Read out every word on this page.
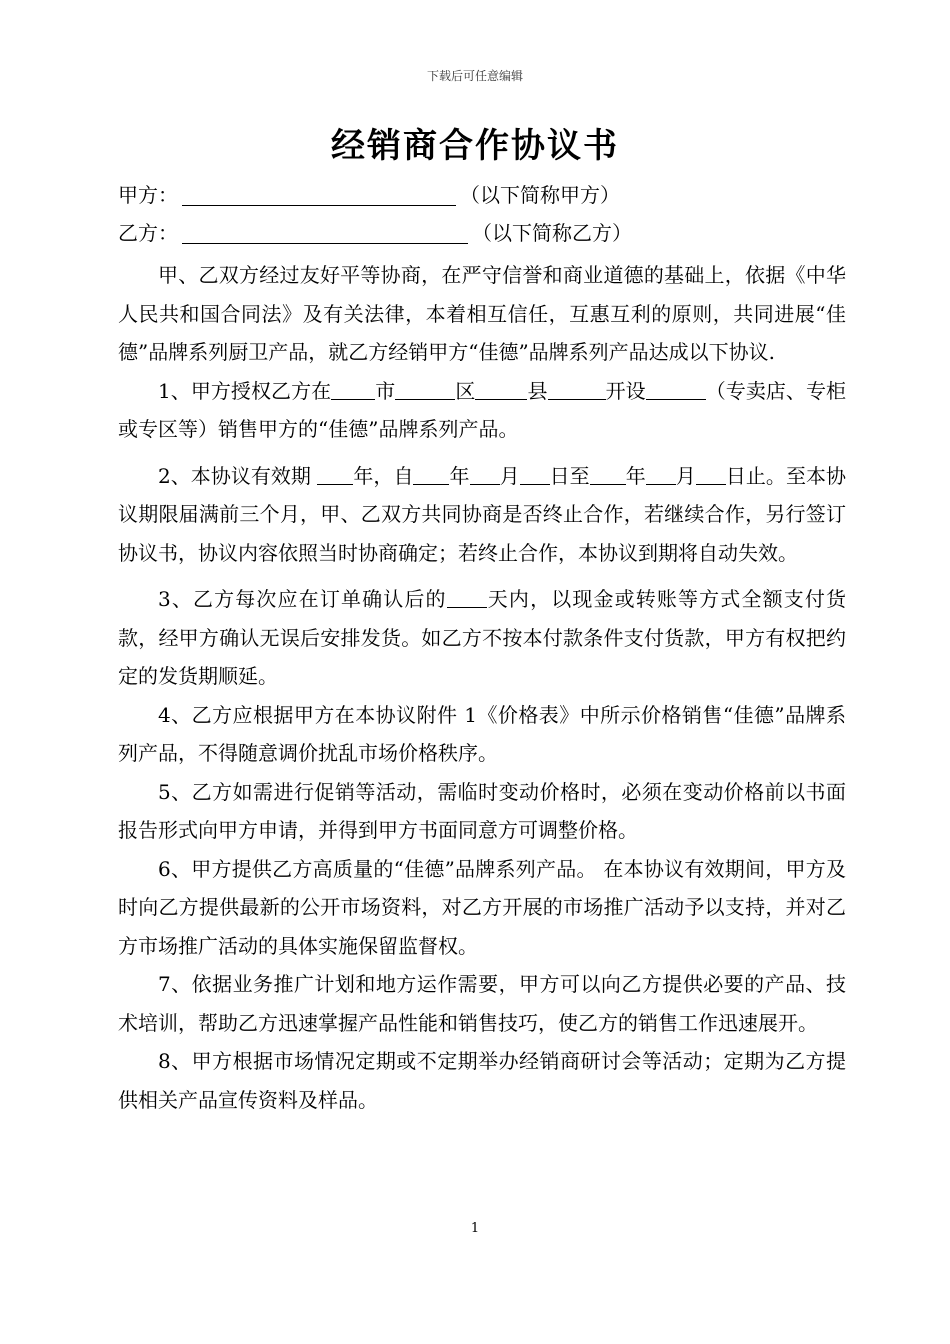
下载后可任意编辑
经销商合作协议书
甲方：	（以下简称甲方）
乙方：	（以下简称乙方）

甲、乙双方经过友好平等协商，在严守信誉和商业道德的基础上，依据《中华人民共和国合同法》及有关法律，本着相互信任，互惠互利的原则，共同进展“佳德”品牌系列厨卫产品，就乙方经销甲方“佳德”品牌系列产品达成以下协议.

1、甲方授权乙方在 市	区	县	开设	（专卖店、专柜或专区等）销售甲方的“佳德”品牌系列产品。

2、本协议有效期 年，自 年 月 日至 年 月 日止。至本协议期限届满前三个月，甲、乙双方共同协商是否终止合作，若继续合作，另行签订协议书，协议内容依照当时协商确定；若终止合作，本协议到期将自动失效。

3、乙方每次应在订单确认后的 天内，以现金或转账等方式全额支付货款，经甲方确认无误后安排发货。如乙方不按本付款条件支付货款，甲方有权把约定的发货期顺延。

4、乙方应根据甲方在本协议附件 1《价格表》中所示价格销售“佳德”品牌系列产品，不得随意调价扰乱市场价格秩序。

5、乙方如需进行促销等活动，需临时变动价格时，必须在变动价格前以书面报告形式向甲方申请，并得到甲方书面同意方可调整价格。

6、甲方提供乙方高质量的“佳德”品牌系列产品。 在本协议有效期间，甲方及时向乙方提供最新的公开市场资料，对乙方开展的市场推广活动予以支持，并对乙方市场推广活动的具体实施保留监督权。

7、依据业务推广计划和地方运作需要，甲方可以向乙方提供必要的产品、技术培训，帮助乙方迅速掌握产品性能和销售技巧，使乙方的销售工作迅速展开。

8、甲方根据市场情况定期或不定期举办经销商研讨会等活动；定期为乙方提供相关产品宣传资料及样品。

1
